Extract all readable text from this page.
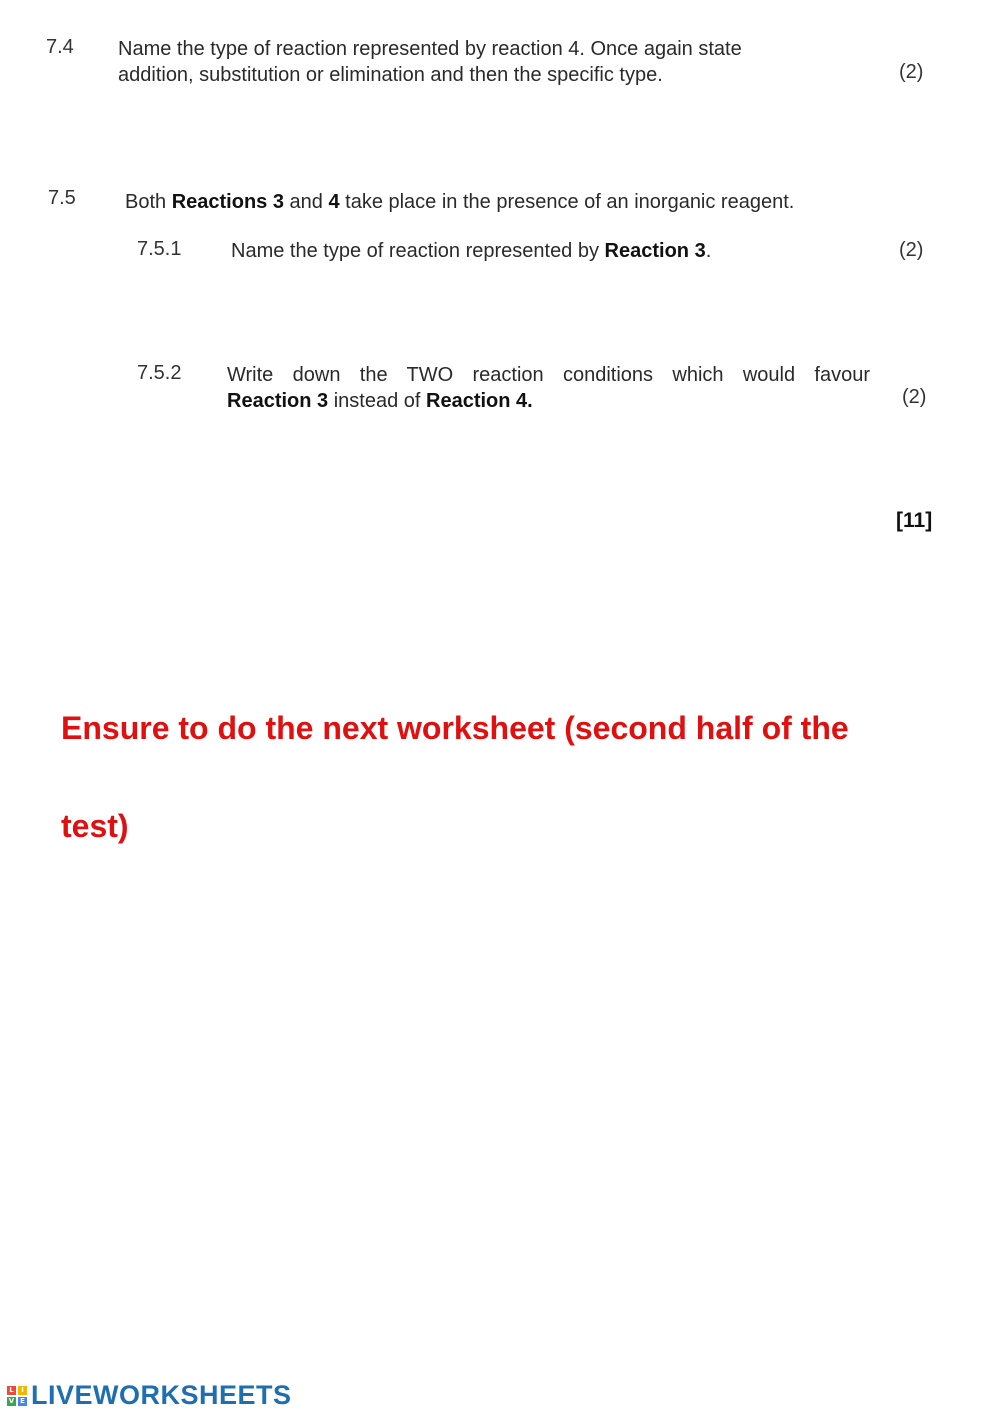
7.4 Name the type of reaction represented by reaction 4. Once again state
addition, substitution or elimination and then the specific type.	(2)
7.5 Both Reactions 3 and 4 take place in the presence of an inorganic reagent.
7.5.1 Name the type of reaction represented by Reaction 3.	(2)
7.5.2 Write down the TWO reaction conditions which would favour
Reaction 3 instead of Reaction 4.	(2)
[11]
Ensure to do the next worksheet (second half of the
test)
L	I
V E LIVEWORKSHEETS
